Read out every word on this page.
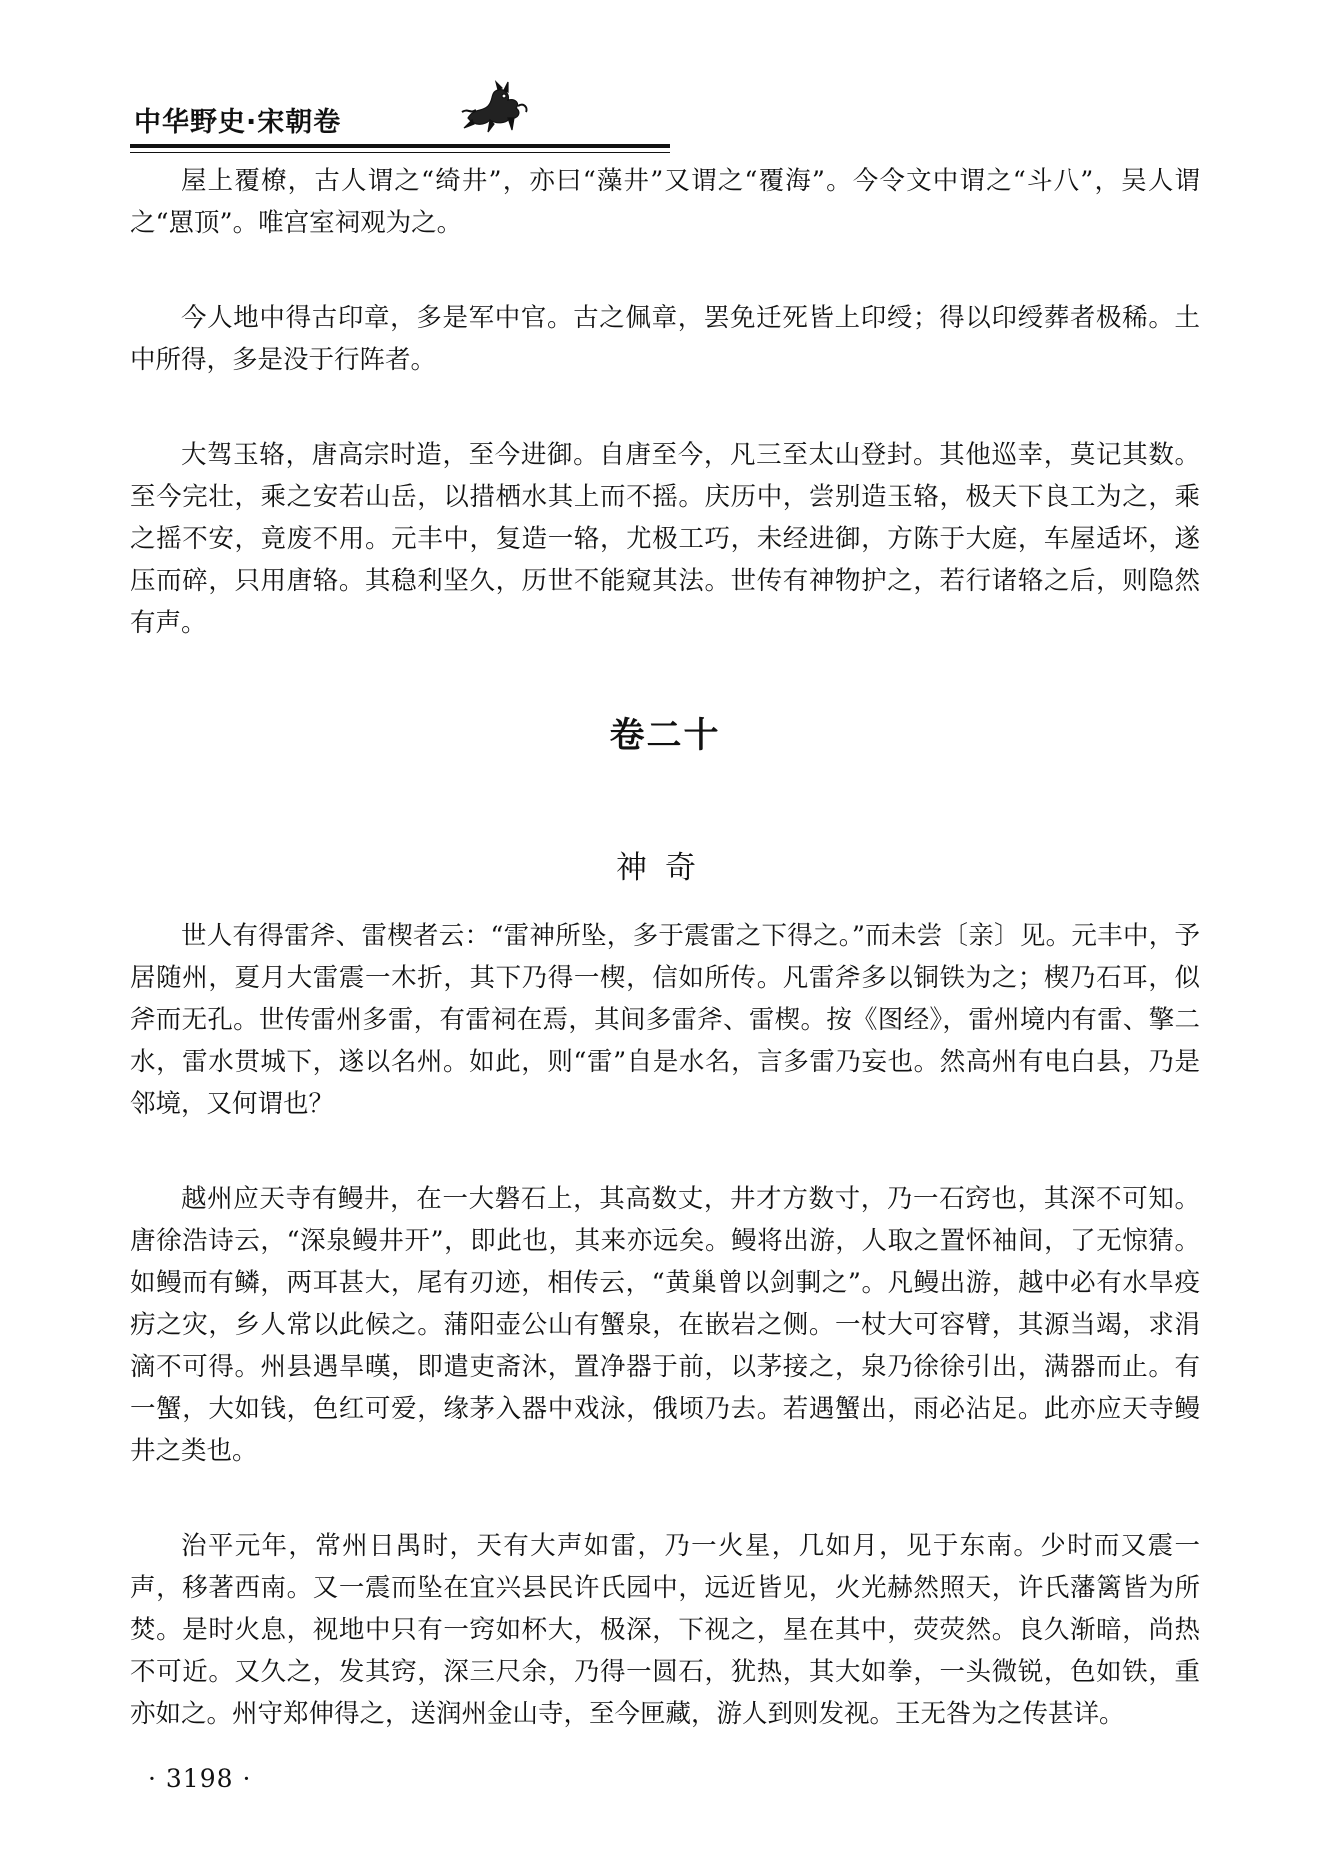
中华野史·宋朝卷

屋上覆橑，古人谓之“绮井”，亦曰“藻井”又谓之“覆海”。今令文中谓之“斗八”，吴人谓之“罳顶”。唯宫室祠观为之。

今人地中得古印章，多是军中官。古之佩章，罢免迁死皆上印绶；得以印绶葬者极稀。土中所得，多是没于行阵者。

大驾玉辂，唐高宗时造，至今进御。自唐至今，凡三至太山登封。其他巡幸，莫记其数。至今完壮，乘之安若山岳，以措栖水其上而不摇。庆历中，尝别造玉辂，极天下良工为之，乘之摇不安，竟废不用。元丰中，复造一辂，尤极工巧，未经进御，方陈于大庭，车屋适坏，遂压而碎，只用唐辂。其稳利坚久，历世不能窥其法。世传有神物护之，若行诸辂之后，则隐然有声。

卷二十
神奇

世人有得雷斧、雷楔者云：“雷神所坠，多于震雷之下得之。”而未尝〔亲〕见。元丰中，予居随州，夏月大雷震一木折，其下乃得一楔，信如所传。凡雷斧多以铜铁为之；楔乃石耳，似斧而无孔。世传雷州多雷，有雷祠在焉，其间多雷斧、雷楔。按《图经》，雷州境内有雷、擎二水，雷水贯城下，遂以名州。如此，则“雷”自是水名，言多雷乃妄也。然高州有电白县，乃是邻境，又何谓也？

越州应天寺有鳗井，在一大磐石上，其高数丈，井才方数寸，乃一石窍也，其深不可知。唐徐浩诗云，“深泉鳗井开”，即此也，其来亦远矣。鳗将出游，人取之置怀袖间，了无惊猜。如鳗而有鳞，两耳甚大，尾有刃迹，相传云，“黄巢曾以剑剚之”。凡鳗出游，越中必有水旱疫疠之灾，乡人常以此候之。蒲阳壶公山有蟹泉，在嵌岩之侧。一杖大可容臂，其源当竭，求涓滴不可得。州县遇旱暵，即遣吏斋沐，置净器于前，以茅接之，泉乃徐徐引出，满器而止。有一蟹，大如钱，色红可爱，缘茅入器中戏泳，俄顷乃去。若遇蟹出，雨必沾足。此亦应天寺鳗井之类也。

治平元年，常州日禺时，天有大声如雷，乃一火星，几如月，见于东南。少时而又震一声，移著西南。又一震而坠在宜兴县民许氏园中，远近皆见，火光赫然照天，许氏藩篱皆为所焚。是时火息，视地中只有一窍如杯大，极深，下视之，星在其中，荧荧然。良久渐暗，尚热不可近。又久之，发其窍，深三尺余，乃得一圆石，犹热，其大如拳，一头微锐，色如铁，重亦如之。州守郑伸得之，送润州金山寺，至今匣藏，游人到则发视。王无咎为之传甚详。

· 3198 ·
